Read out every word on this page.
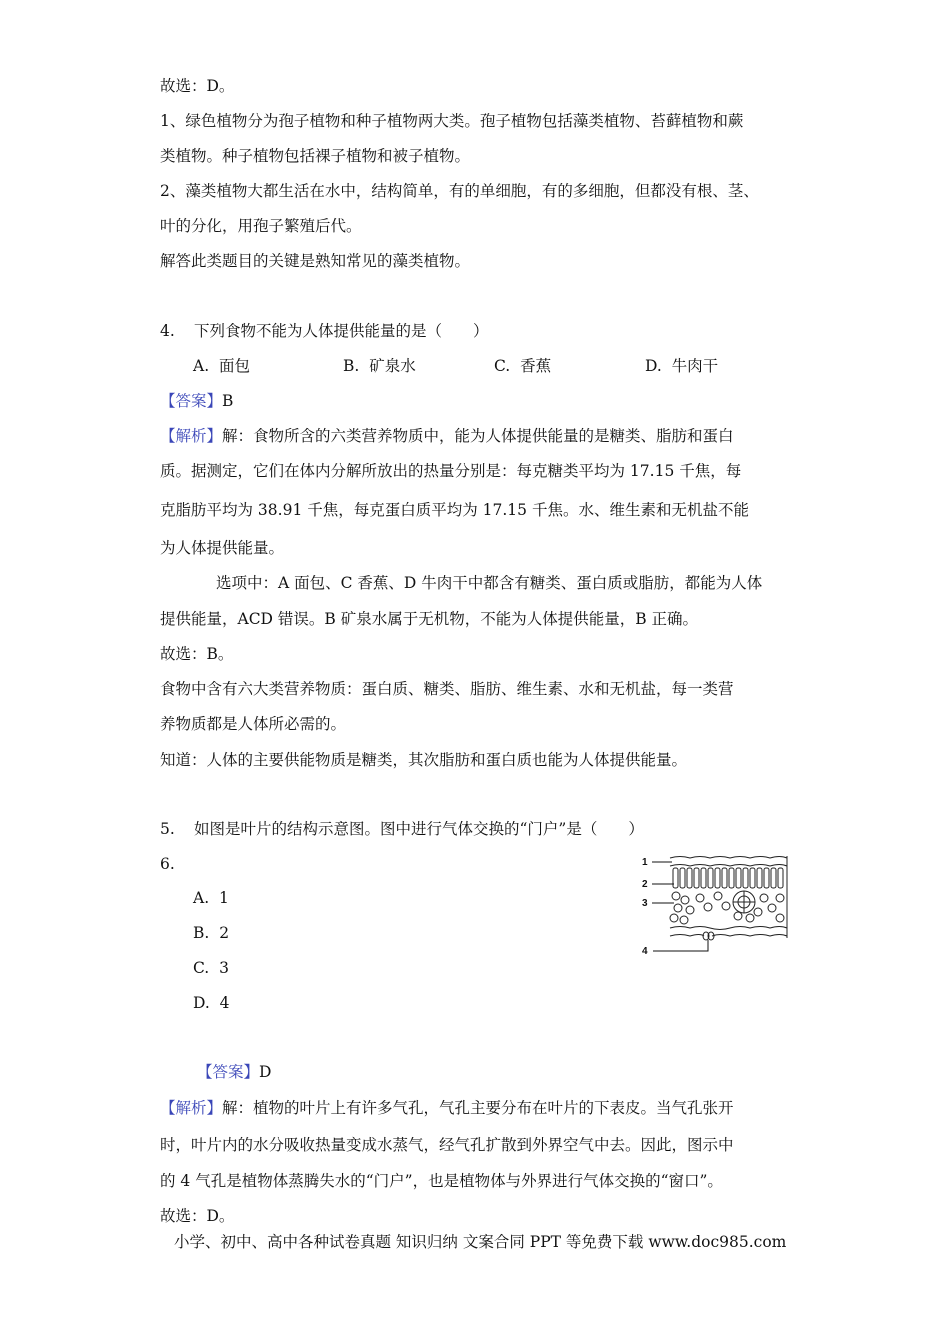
故选：D。
1、绿色植物分为孢子植物和种子植物两大类。孢子植物包括藻类植物、苔藓植物和蕨
类植物。种子植物包括裸子植物和被子植物。
2、藻类植物大都生活在水中，结构简单，有的单细胞，有的多细胞，但都没有根、茎、
叶的分化，用孢子繁殖后代。
解答此类题目的关键是熟知常见的藻类植物。
4. 下列食物不能为人体提供能量的是（　　）
A. 面包	B. 矿泉水	C. 香蕉	D. 牛肉干
【答案】B
【解析】解：食物所含的六类营养物质中，能为人体提供能量的是糖类、脂肪和蛋白
质。据测定，它们在体内分解所放出的热量分别是：每克糖类平均为 17.15 千焦，每
克脂肪平均为 38.91 千焦，每克蛋白质平均为 17.15 千焦。水、维生素和无机盐不能
为人体提供能量。
选项中：A 面包、C 香蕉、D 牛肉干中都含有糖类、蛋白质或脂肪，都能为人体
提供能量，ACD 错误。B 矿泉水属于无机物，不能为人体提供能量，B 正确。
故选：B。
食物中含有六大类营养物质：蛋白质、糖类、脂肪、维生素、水和无机盐，每一类营
养物质都是人体所必需的。
知道：人体的主要供能物质是糖类，其次脂肪和蛋白质也能为人体提供能量。
5. 如图是叶片的结构示意图。图中进行气体交换的“门户”是（　　）
6.
A. 1
B. 2
C. 3
D. 4
1
2
3
4
【答案】D
【解析】解：植物的叶片上有许多气孔，气孔主要分布在叶片的下表皮。当气孔张开
时，叶片内的水分吸收热量变成水蒸气，经气孔扩散到外界空气中去。因此，图示中
的 4 气孔是植物体蒸腾失水的“门户”，也是植物体与外界进行气体交换的“窗口”。
故选：D。
小学、初中、高中各种试卷真题 知识归纳 文案合同 PPT 等免费下载 www.doc985.com
